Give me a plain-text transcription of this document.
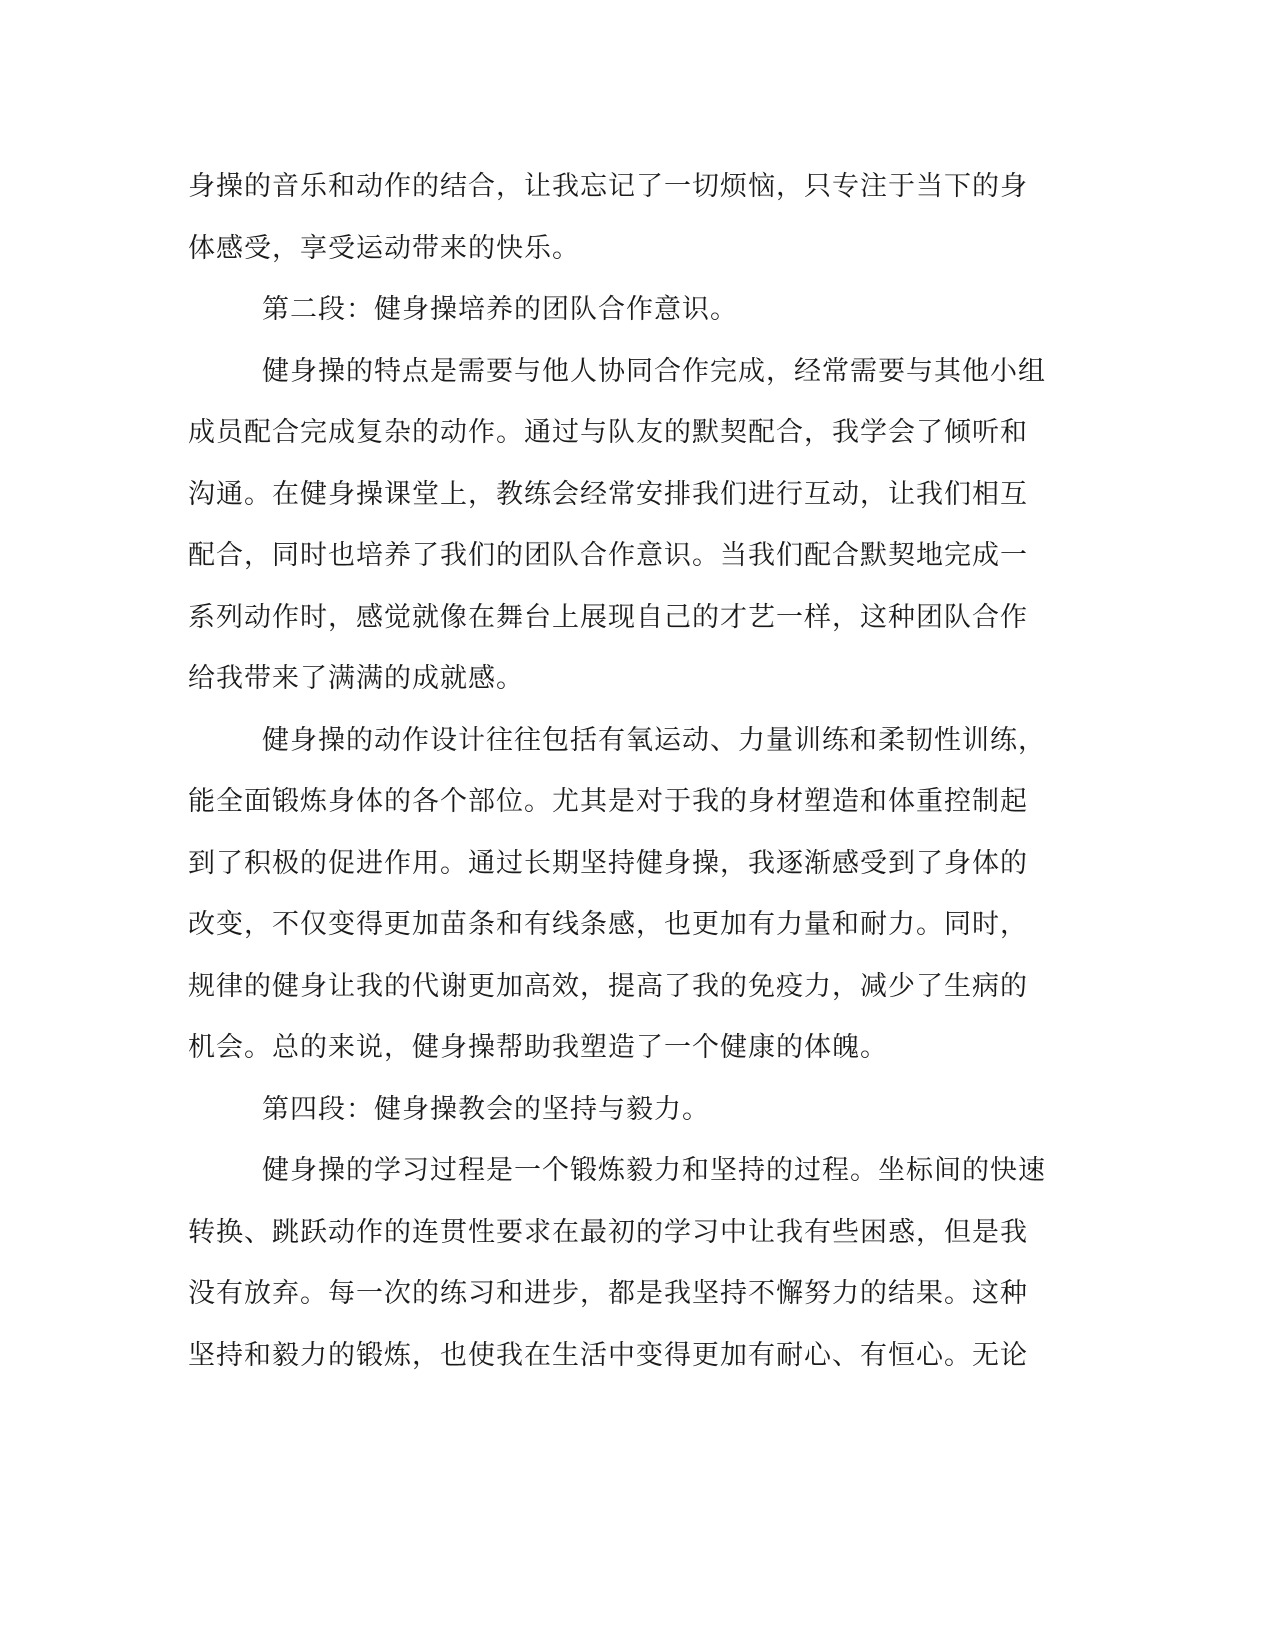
身操的音乐和动作的结合，让我忘记了一切烦恼，只专注于当下的身
体感受，享受运动带来的快乐。
第二段：健身操培养的团队合作意识。
健身操的特点是需要与他人协同合作完成，经常需要与其他小组
成员配合完成复杂的动作。通过与队友的默契配合，我学会了倾听和
沟通。在健身操课堂上，教练会经常安排我们进行互动，让我们相互
配合，同时也培养了我们的团队合作意识。当我们配合默契地完成一
系列动作时，感觉就像在舞台上展现自己的才艺一样，这种团队合作
给我带来了满满的成就感。
健身操的动作设计往往包括有氧运动、力量训练和柔韧性训练，
能全面锻炼身体的各个部位。尤其是对于我的身材塑造和体重控制起
到了积极的促进作用。通过长期坚持健身操，我逐渐感受到了身体的
改变，不仅变得更加苗条和有线条感，也更加有力量和耐力。同时，
规律的健身让我的代谢更加高效，提高了我的免疫力，减少了生病的
机会。总的来说，健身操帮助我塑造了一个健康的体魄。
第四段：健身操教会的坚持与毅力。
健身操的学习过程是一个锻炼毅力和坚持的过程。坐标间的快速
转换、跳跃动作的连贯性要求在最初的学习中让我有些困惑，但是我
没有放弃。每一次的练习和进步，都是我坚持不懈努力的结果。这种
坚持和毅力的锻炼，也使我在生活中变得更加有耐心、有恒心。无论
